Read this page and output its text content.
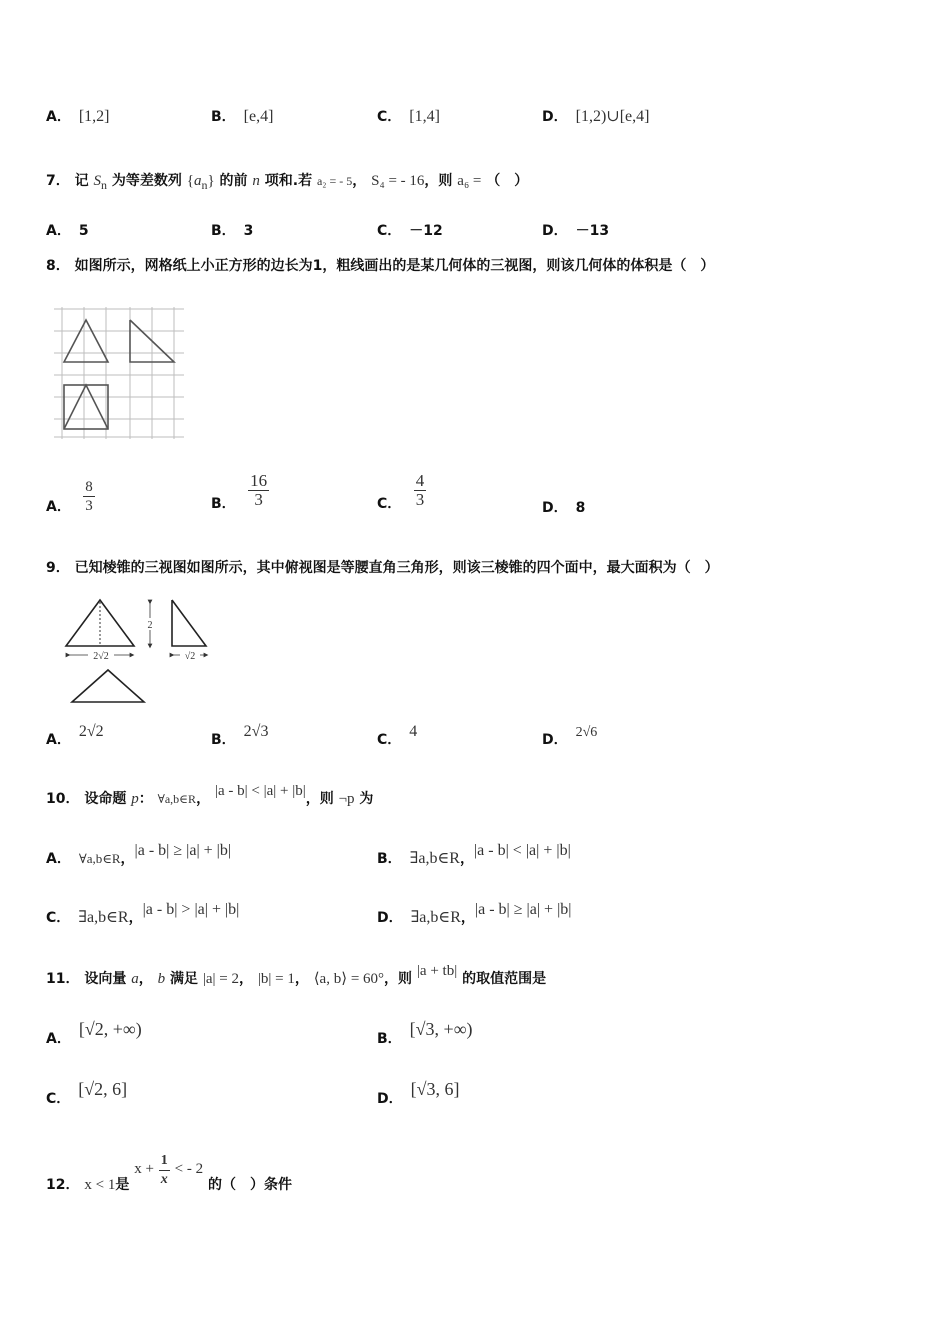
A． [1,2]	B． [e,4]	C． [1,4]	D． [1,2)∪[e,4]
7． 记 $S_n$ 为等差数列 $\{a_n\}$ 的前 n 项和.若 a₂ = - 5， S₄ = - 16，则 a₆ = （　）
A． 5	B． 3	C． －12	D． －13
8． 如图所示，网格纸上小正方形的边长为1，粗线画出的是某几何体的三视图，则该几何体的体积是（　）
A． $\frac{8}{3}$	B． $\frac{16}{3}$	C． $\frac{4}{3}$	D． 8
9． 已知棱锥的三视图如图所示，其中俯视图是等腰直角三角形，则该三棱锥的四个面中，最大面积为（　）
2√2	√2
2
A． 2√2	B． 2√3	C． 4	D． 2√6
10． 设命题 p： ∀a,b∈R， |a - b| < |a| + |b|，则 ¬p 为
A． ∀a,b∈R，|a - b| ≥ |a| + |b|	B． ∃a,b∈R，|a - b| < |a| + |b|
C． ∃a,b∈R，|a - b| > |a| + |b|	D． ∃a,b∈R，|a - b| ≥ |a| + |b|
11． 设向量 a， b 满足 |a| = 2， |b| = 1， ⟨a, b⟩ = 60°，则 |a + tb| 的取值范围是
A． [√2, +∞)	B． [√3, +∞)
C． [√2, 6]	D． [√3, 6]
12． x < 1是 $x + \frac{1}{x}$ < - 2 的（　）条件
